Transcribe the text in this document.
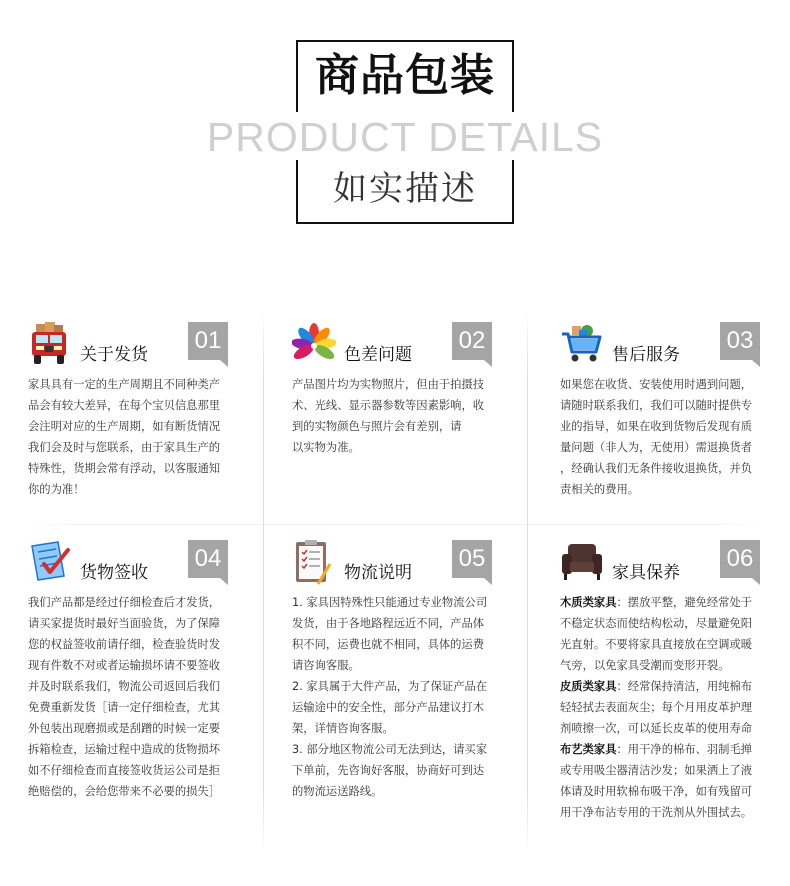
商品包装
PRODUCT DETAILS
如实描述
关于发货
01

家具具有一定的生产周期且不同种类产

品会有较大差异，在每个宝贝信息那里

会注明对应的生产周期，如有断货情况

我们会及时与您联系，由于家具生产的

特殊性，货期会常有浮动，以客服通知

你的为准！

色差问题
02

产品图片均为实物照片，但由于拍摄技

术、光线、显示器参数等因素影响，收

到的实物颜色与照片会有差别，请

以实物为准。

售后服务
03

如果您在收货、安装使用时遇到问题，

请随时联系我们，我们可以随时提供专

业的指导，如果在收到货物后发现有质

量问题（非人为，无使用）需退换货者

，经确认我们无条件接收退换货，并负

责相关的费用。

货物签收
04

我们产品都是经过仔细检查后才发货，

请买家提货时最好当面验货，为了保障

您的权益签收前请仔细，检查验货时发

现有件数不对或者运输损坏请不要签收

并及时联系我们，物流公司返回后我们

免费重新发货［请一定仔细检查，尤其

外包装出现磨损或是刮蹭的时候一定要

拆箱检查，运输过程中造成的货物损坏

如不仔细检查而直接签收货运公司是拒

绝赔偿的，会给您带来不必要的损失］

物流说明
05

1. 家具因特殊性只能通过专业物流公司

发货，由于各地路程远近不同，产品体

积不同，运费也就不相同，具体的运费

请咨询客服。

2. 家具属于大件产品，为了保证产品在

运输途中的安全性，部分产品建议打木

架，详情咨询客服。

3. 部分地区物流公司无法到达，请买家

下单前，先咨询好客服，协商好可到达

的物流运送路线。

家具保养
06

木质类家具：摆放平整，避免经常处于

不稳定状态而使结构松动，尽量避免阳

光直射。不要将家具直接放在空调或暖

气旁，以免家具受潮而变形开裂。

皮质类家具：经常保持清洁，用纯棉布

轻轻拭去表面灰尘；每个月用皮革护理

剂喷擦一次，可以延长皮革的使用寿命

布艺类家具：用干净的棉布、羽制毛掸

或专用吸尘器清洁沙发；如果洒上了液

体请及时用软棉布吸干净，如有残留可

用干净布沾专用的干洗剂从外围拭去。
